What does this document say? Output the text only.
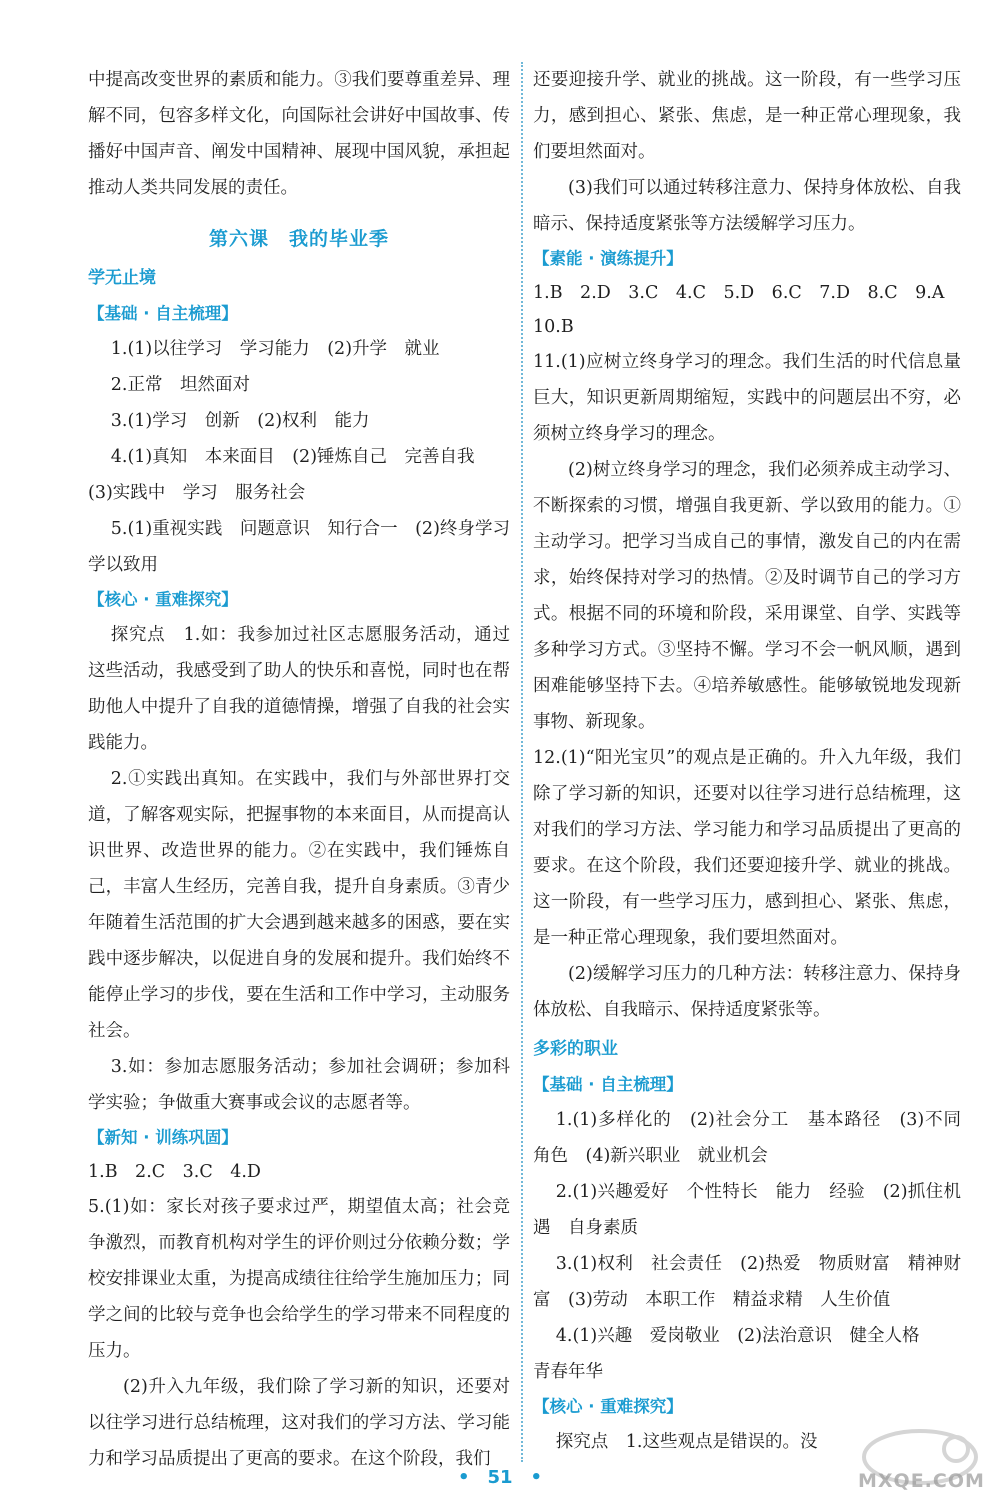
中提高改变世界的素质和能力。③我们要尊重差异、理解不同，包容多样文化，向国际社会讲好中国故事、传播好中国声音、阐发中国精神、展现中国风貌，承担起推动人类共同发展的责任。

第六课　我的毕业季
学无止境
【基础 · 自主梳理】

1.(1)以往学习　学习能力　(2)升学　就业

2.正常　坦然面对

3.(1)学习　创新　(2)权利　能力

4.(1)真知　本来面目　(2)锤炼自己　完善自我

(3)实践中　学习　服务社会

5.(1)重视实践　问题意识　知行合一　(2)终身学习　学以致用

【核心 · 重难探究】

探究点　1.如：我参加过社区志愿服务活动，通过这些活动，我感受到了助人的快乐和喜悦，同时也在帮助他人中提升了自我的道德情操，增强了自我的社会实践能力。

2.①实践出真知。在实践中，我们与外部世界打交道，了解客观实际，把握事物的本来面目，从而提高认识世界、改造世界的能力。②在实践中，我们锤炼自己，丰富人生经历，完善自我，提升自身素质。③青少年随着生活范围的扩大会遇到越来越多的困惑，要在实践中逐步解决，以促进自身的发展和提升。我们始终不能停止学习的步伐，要在生活和工作中学习，主动服务社会。

3.如：参加志愿服务活动；参加社会调研；参加科学实验；争做重大赛事或会议的志愿者等。

【新知 · 训练巩固】

1.B　2.C　3.C　4.D

5.(1)如：家长对孩子要求过严，期望值太高；社会竞争激烈，而教育机构对学生的评价则过分依赖分数；学校安排课业太重，为提高成绩往往给学生施加压力；同学之间的比较与竞争也会给学生的学习带来不同程度的压力。

(2)升入九年级，我们除了学习新的知识，还要对以往学习进行总结梳理，这对我们的学习方法、学习能力和学习品质提出了更高的要求。在这个阶段，我们

还要迎接升学、就业的挑战。这一阶段，有一些学习压力，感到担心、紧张、焦虑，是一种正常心理现象，我们要坦然面对。

(3)我们可以通过转移注意力、保持身体放松、自我暗示、保持适度紧张等方法缓解学习压力。

【素能 · 演练提升】

1.B　2.D　3.C　4.C　5.D　6.C　7.D　8.C　9.A

10.B

11.(1)应树立终身学习的理念。我们生活的时代信息量巨大，知识更新周期缩短，实践中的问题层出不穷，必须树立终身学习的理念。

(2)树立终身学习的理念，我们必须养成主动学习、不断探索的习惯，增强自我更新、学以致用的能力。①主动学习。把学习当成自己的事情，激发自己的内在需求，始终保持对学习的热情。②及时调节自己的学习方式。根据不同的环境和阶段，采用课堂、自学、实践等多种学习方式。③坚持不懈。学习不会一帆风顺，遇到困难能够坚持下去。④培养敏感性。能够敏锐地发现新事物、新现象。

12.(1)“阳光宝贝”的观点是正确的。升入九年级，我们除了学习新的知识，还要对以往学习进行总结梳理，这对我们的学习方法、学习能力和学习品质提出了更高的要求。在这个阶段，我们还要迎接升学、就业的挑战。这一阶段，有一些学习压力，感到担心、紧张、焦虑，是一种正常心理现象，我们要坦然面对。

(2)缓解学习压力的几种方法：转移注意力、保持身体放松、自我暗示、保持适度紧张等。

多彩的职业
【基础 · 自主梳理】

1.(1)多样化的　(2)社会分工　基本路径　(3)不同角色　(4)新兴职业　就业机会

2.(1)兴趣爱好　个性特长　能力　经验　(2)抓住机遇　自身素质

3.(1)权利　社会责任　(2)热爱　物质财富　精神财富　(3)劳动　本职工作　精益求精　人生价值

4.(1)兴趣　爱岗敬业　(2)法治意识　健全人格

青春年华

【核心 · 重难探究】

探究点　1.这些观点是错误的。没

•　51　•	MXQE.COM
